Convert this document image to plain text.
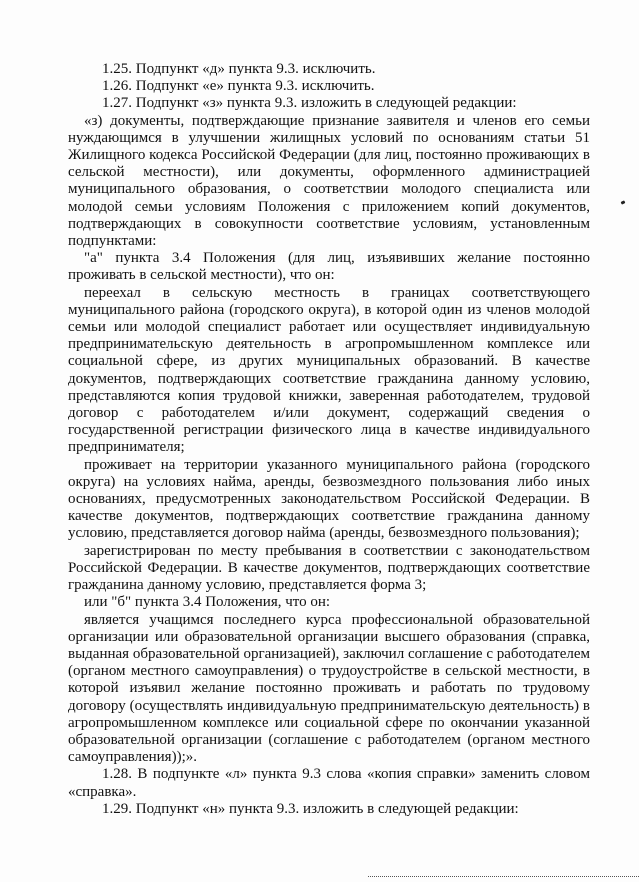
1.25. Подпункт «д» пункта 9.3. исключить.

1.26. Подпункт «е» пункта 9.3. исключить.

1.27. Подпункт «з» пункта 9.3. изложить в следующей редакции:

«з) документы, подтверждающие признание заявителя и членов его семьи нуждающимся в улучшении жилищных условий по основаниям статьи 51 Жилищного кодекса Российской Федерации (для лиц, постоянно проживающих в сельской местности), или документы, оформленного администрацией муниципального образования, о соответствии молодого специалиста или молодой семьи условиям Положения с приложением копий документов, подтверждающих в совокупности соответствие условиям, установленным подпунктами:

"а" пункта 3.4 Положения (для лиц, изъявивших желание постоянно проживать в сельской местности), что он:

переехал в сельскую местность в границах соответствующего муниципального района (городского округа), в которой один из членов молодой семьи или молодой специалист работает или осуществляет индивидуальную предпринимательскую деятельность в агропромышленном комплексе или социальной сфере, из других муниципальных образований. В качестве документов, подтверждающих соответствие гражданина данному условию, представляются копия трудовой книжки, заверенная работодателем, трудовой договор с работодателем и/или документ, содержащий сведения о государственной регистрации физического лица в качестве индивидуального предпринимателя;

проживает на территории указанного муниципального района (городского округа) на условиях найма, аренды, безвозмездного пользования либо иных основаниях, предусмотренных законодательством Российской Федерации. В качестве документов, подтверждающих соответствие гражданина данному условию, представляется договор найма (аренды, безвозмездного пользования);

зарегистрирован по месту пребывания в соответствии с законодательством Российской Федерации. В качестве документов, подтверждающих соответствие гражданина данному условию, представляется форма 3;

или "б" пункта 3.4 Положения, что он:

является учащимся последнего курса профессиональной образовательной организации или образовательной организации высшего образования (справка, выданная образовательной организацией), заключил соглашение с работодателем (органом местного самоуправления) о трудоустройстве в сельской местности, в которой изъявил желание постоянно проживать и работать по трудовому договору (осуществлять индивидуальную предпринимательскую деятельность) в агропромышленном комплексе или социальной сфере по окончании указанной образовательной организации (соглашение с работодателем (органом местного самоуправления));».

1.28. В подпункте «л» пункта 9.3 слова «копия справки» заменить словом «справка».

1.29. Подпункт «н» пункта 9.3. изложить в следующей редакции:
